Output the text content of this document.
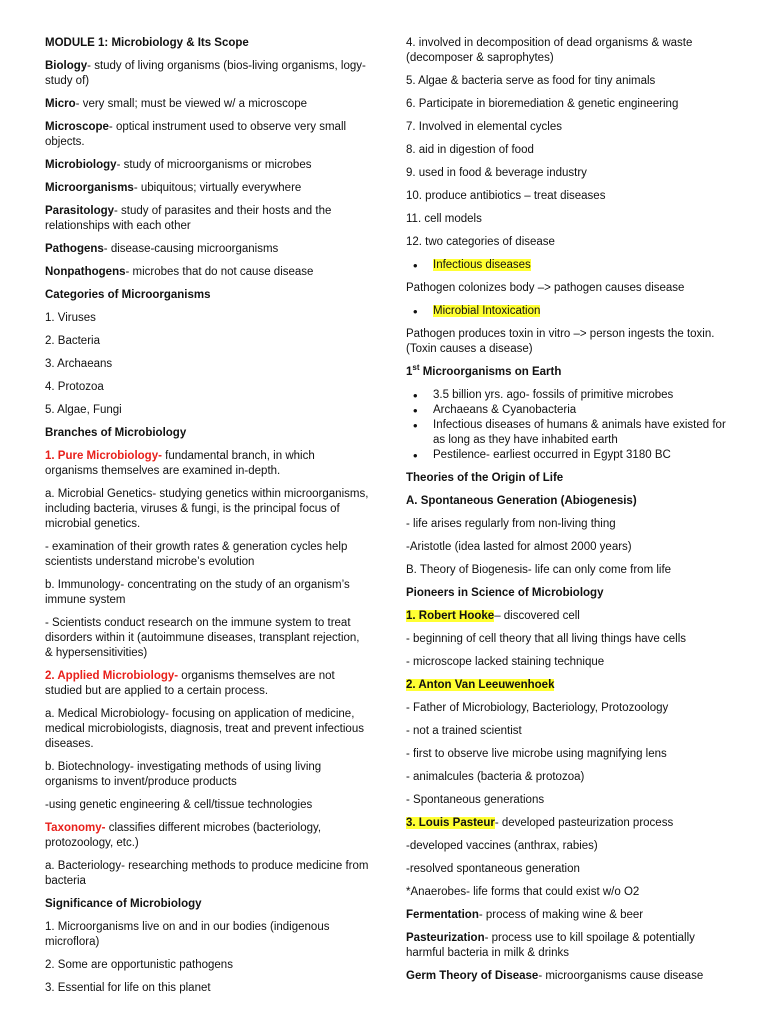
MODULE 1: Microbiology & Its Scope

Biology- study of living organisms (bios-living organisms, logy-study of)

Micro- very small; must be viewed w/ a microscope

Microscope- optical instrument used to observe very small objects.

Microbiology- study of microorganisms or microbes

Microorganisms- ubiquitous; virtually everywhere

Parasitology- study of parasites and their hosts and the relationships with each other

Pathogens- disease-causing microorganisms

Nonpathogens- microbes that do not cause disease

Categories of Microorganisms

1. Viruses

2. Bacteria

3. Archaeans

4. Protozoa

5. Algae, Fungi

Branches of Microbiology

1. Pure Microbiology- fundamental branch, in which organisms themselves are examined in-depth.

a. Microbial Genetics- studying genetics within microorganisms, including bacteria, viruses & fungi, is the principal focus of microbial genetics.

- examination of their growth rates & generation cycles help scientists understand microbe’s evolution

b. Immunology- concentrating on the study of an organism’s immune system

- Scientists conduct research on the immune system to treat disorders within it (autoimmune diseases, transplant rejection, & hypersensitivities)

2. Applied Microbiology- organisms themselves are not studied but are applied to a certain process.

a. Medical Microbiology- focusing on application of medicine, medical microbiologists, diagnosis, treat and prevent infectious diseases.

b. Biotechnology- investigating methods of using living organisms to invent/produce products

-using genetic engineering & cell/tissue technologies

Taxonomy- classifies different microbes (bacteriology, protozoology, etc.)

a. Bacteriology- researching methods to produce medicine from bacteria

Significance of Microbiology

1. Microorganisms live on and in our bodies (indigenous microflora)

2. Some are opportunistic pathogens

3. Essential for life on this planet

4. involved in decomposition of dead organisms & waste (decomposer & saprophytes)

5. Algae & bacteria serve as food for tiny animals

6. Participate in bioremediation & genetic engineering

7. Involved in elemental cycles

8. aid in digestion of food

9. used in food & beverage industry

10. produce antibiotics – treat diseases

11. cell models

12. two categories of disease

• Infectious diseases

Pathogen colonizes body –> pathogen causes disease

• Microbial Intoxication

Pathogen produces toxin in vitro –> person ingests the toxin. (Toxin causes a disease)

1st Microorganisms on Earth

• 3.5 billion yrs. ago- fossils of primitive microbes
• Archaeans & Cyanobacteria
• Infectious diseases of humans & animals have existed for as long as they have inhabited earth
• Pestilence- earliest occurred in Egypt 3180 BC

Theories of the Origin of Life

A. Spontaneous Generation (Abiogenesis)

- life arises regularly from non-living thing

-Aristotle (idea lasted for almost 2000 years)

B. Theory of Biogenesis- life can only come from life

Pioneers in Science of Microbiology

1. Robert Hooke– discovered cell

- beginning of cell theory that all living things have cells

- microscope lacked staining technique

2. Anton Van Leeuwenhoek

- Father of Microbiology, Bacteriology, Protozoology

- not a trained scientist

- first to observe live microbe using magnifying lens

- animalcules (bacteria & protozoa)

- Spontaneous generations

3. Louis Pasteur- developed pasteurization process

-developed vaccines (anthrax, rabies)

-resolved spontaneous generation

*Anaerobes- life forms that could exist w/o O2

Fermentation- process of making wine & beer

Pasteurization- process use to kill spoilage & potentially harmful bacteria in milk & drinks

Germ Theory of Disease- microorganisms cause disease
